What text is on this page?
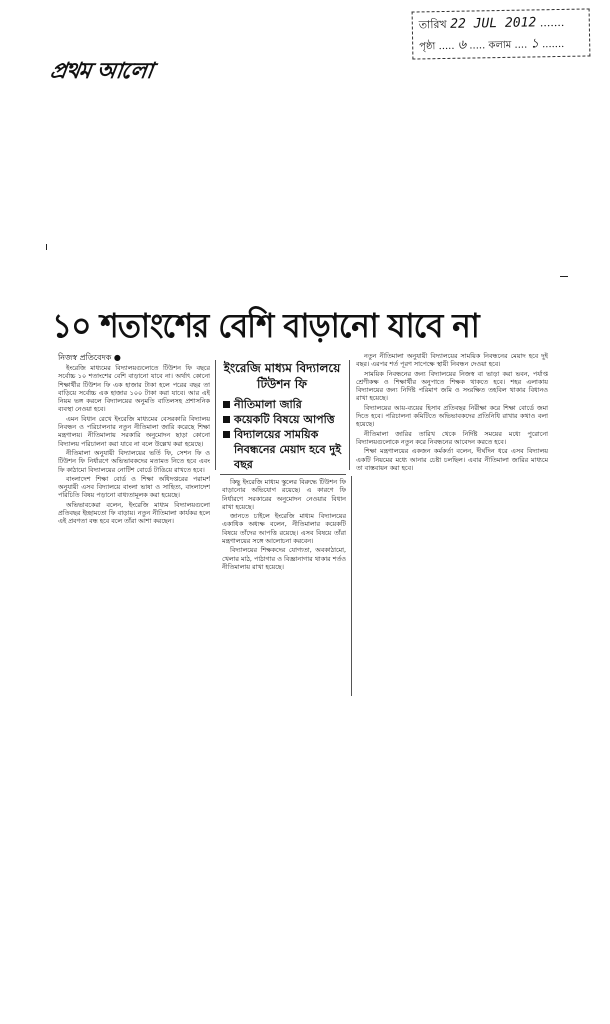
তারিখ 22 JUL 2012 .......
পৃষ্ঠা ..... ৬ ..... কলাম .... ১ .......
প্রথম আলো
১০ শতাংশের বেশি বাড়ানো যাবে না
নিজস্ব প্রতিবেদক ●
ইংরেজি মাধ্যম বিদ্যালয়ে টিউশন ফি
নীতিমালা জারি
কয়েকটি বিষয়ে আপত্তি
বিদ্যালয়ের সাময়িক নিবন্ধনের মেয়াদ হবে দুই বছর

ইংরেজি মাধ্যমের বিদ্যালয়গুলোতে টিউশন ফি বছরে সর্বোচ্চ ১০ শতাংশের বেশি বাড়ানো যাবে না। অর্থাৎ কোনো শিক্ষার্থীর টিউশন ফি এক হাজার টাকা হলে পরের বছর তা বাড়িয়ে সর্বোচ্চ এক হাজার ১০০ টাকা করা যাবে। আর এই নিয়ম ভঙ্গ করলে বিদ্যালয়ের অনুমতি বাতিলসহ প্রশাসনিক ব্যবস্থা নেওয়া হবে।

এমন বিধান রেখে ইংরেজি মাধ্যমের বেসরকারি বিদ্যালয় নিবন্ধন ও পরিচালনার নতুন নীতিমালা জারি করেছে শিক্ষা মন্ত্রণালয়। নীতিমালায় সরকারি অনুমোদন ছাড়া কোনো বিদ্যালয় পরিচালনা করা যাবে না বলে উল্লেখ করা হয়েছে।

নীতিমালা অনুযায়ী বিদ্যালয়ের ভর্তি ফি, সেশন ফি ও টিউশন ফি নির্ধারণে অভিভাবকদের মতামত নিতে হবে এবং ফি কাঠামো বিদ্যালয়ের নোটিশ বোর্ডে টাঙিয়ে রাখতে হবে।

বাংলাদেশ শিক্ষা বোর্ড ও শিক্ষা অধিদপ্তরের পরামর্শ অনুযায়ী এসব বিদ্যালয়ে বাংলা ভাষা ও সাহিত্য, বাংলাদেশ পরিচিতি বিষয় পড়ানো বাধ্যতামূলক করা হয়েছে।

অভিভাবকেরা বলেন, ইংরেজি মাধ্যম বিদ্যালয়গুলো প্রতিবছর ইচ্ছামতো ফি বাড়ায়। নতুন নীতিমালা কার্যকর হলে এই প্রবণতা বন্ধ হবে বলে তাঁরা আশা করছেন।

কিছু ইংরেজি মাধ্যম স্কুলের বিরুদ্ধে টিউশন ফি বাড়ানোর অভিযোগ রয়েছে। এ কারণে ফি নির্ধারণে সরকারের অনুমোদন নেওয়ার বিধান রাখা হয়েছে।

জানতে চাইলে ইংরেজি মাধ্যম বিদ্যালয়ের একাধিক অধ্যক্ষ বলেন, নীতিমালার কয়েকটি বিষয়ে তাঁদের আপত্তি রয়েছে। এসব বিষয়ে তাঁরা মন্ত্রণালয়ের সঙ্গে আলোচনা করবেন।

বিদ্যালয়ের শিক্ষকদের যোগ্যতা, অবকাঠামো, খেলার মাঠ, পাঠাগার ও বিজ্ঞানাগার থাকার শর্তও নীতিমালায় রাখা হয়েছে।

নতুন নীতিমালা অনুযায়ী বিদ্যালয়ের সাময়িক নিবন্ধনের মেয়াদ হবে দুই বছর। এরপর শর্ত পূরণ সাপেক্ষে স্থায়ী নিবন্ধন দেওয়া হবে।

সাময়িক নিবন্ধনের জন্য বিদ্যালয়ের নিজস্ব বা ভাড়া করা ভবন, পর্যাপ্ত শ্রেণীকক্ষ ও শিক্ষার্থীর অনুপাতে শিক্ষক থাকতে হবে। শহর এলাকায় বিদ্যালয়ের জন্য নির্দিষ্ট পরিমাণ জমি ও সংরক্ষিত তহবিল থাকার বিধানও রাখা হয়েছে।

বিদ্যালয়ের আয়-ব্যয়ের হিসাব প্রতিবছর নিরীক্ষা করে শিক্ষা বোর্ডে জমা দিতে হবে। পরিচালনা কমিটিতে অভিভাবকদের প্রতিনিধি রাখার কথাও বলা হয়েছে।

নীতিমালা জারির তারিখ থেকে নির্দিষ্ট সময়ের মধ্যে পুরোনো বিদ্যালয়গুলোকে নতুন করে নিবন্ধনের আবেদন করতে হবে।

শিক্ষা মন্ত্রণালয়ের একজন কর্মকর্তা বলেন, দীর্ঘদিন ধরে এসব বিদ্যালয় একটি নিয়মের মধ্যে আনার চেষ্টা চলছিল। এবার নীতিমালা জারির মাধ্যমে তা বাস্তবায়ন করা হবে।
